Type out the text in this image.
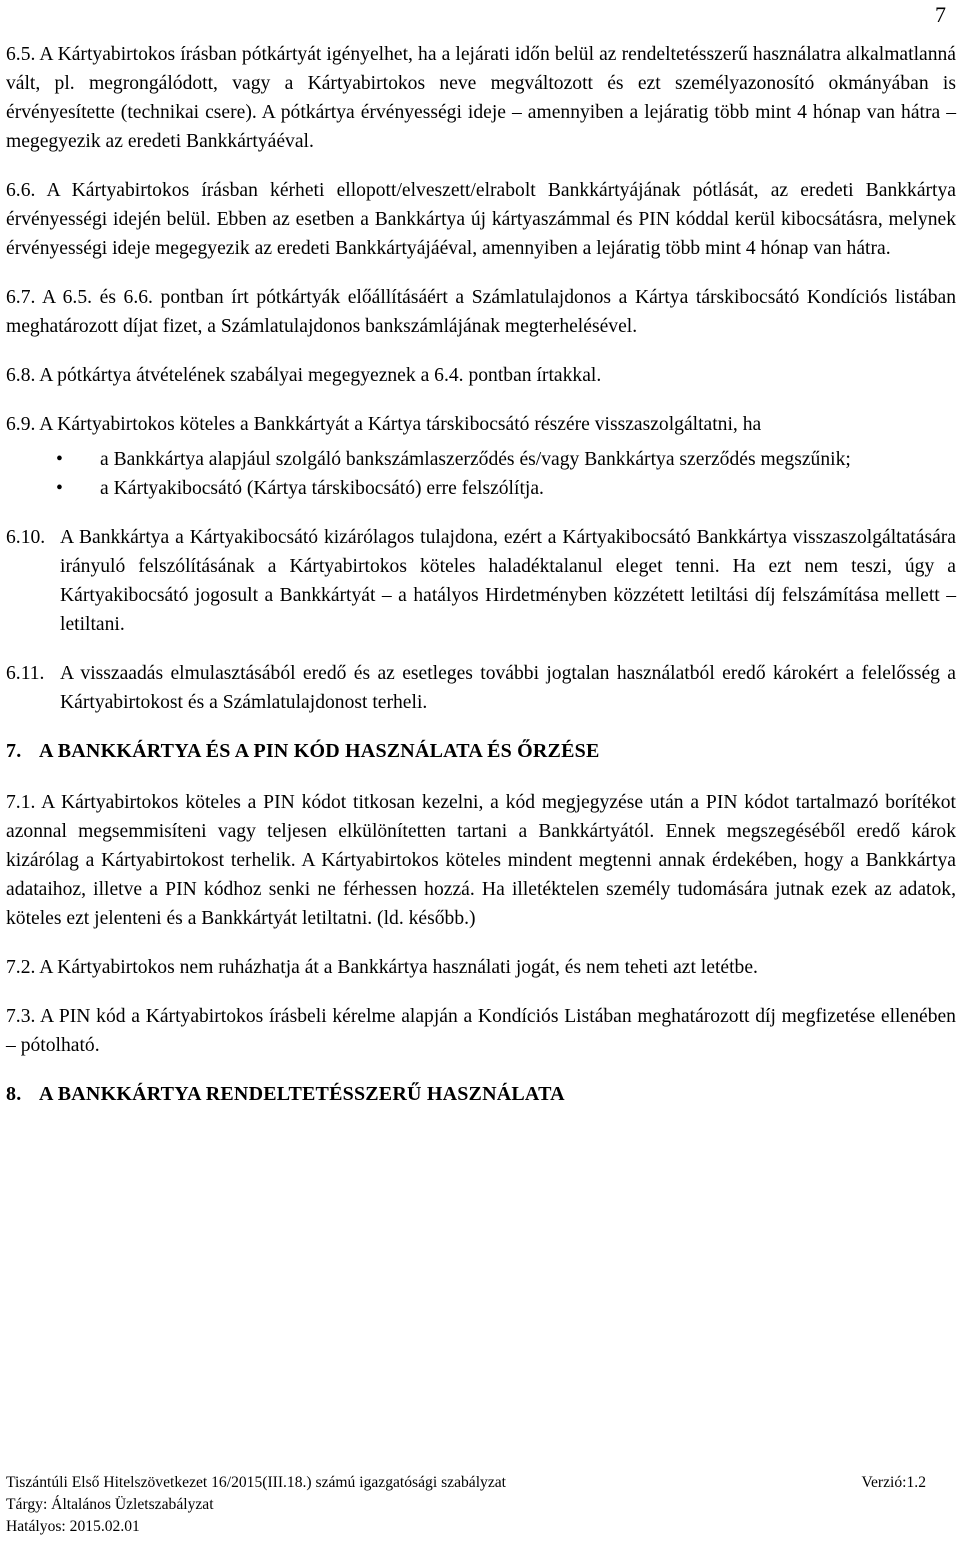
7

6.5. A Kártyabirtokos írásban pótkártyát igényelhet, ha a lejárati időn belül az rendeltetésszerű használatra alkalmatlanná vált, pl. megrongálódott, vagy a Kártyabirtokos neve megváltozott és ezt személyazonosító okmányában is érvényesítette (technikai csere). A pótkártya érvényességi ideje – amennyiben a lejáratig több mint 4 hónap van hátra – megegyezik az eredeti Bankkártyáéval.

6.6. A Kártyabirtokos írásban kérheti ellopott/elveszett/elrabolt Bankkártyájának pótlását, az eredeti Bankkártya érvényességi idején belül. Ebben az esetben a Bankkártya új kártyaszámmal és PIN kóddal kerül kibocsátásra, melynek érvényességi ideje megegyezik az eredeti Bankkártyájáéval, amennyiben a lejáratig több mint 4 hónap van hátra.

6.7. A 6.5. és 6.6. pontban írt pótkártyák előállításáért a Számlatulajdonos a Kártya társkibocsátó Kondíciós listában meghatározott díjat fizet, a Számlatulajdonos bankszámlájának megterhelésével.

6.8. A pótkártya átvételének szabályai megegyeznek a 6.4. pontban írtakkal.

6.9. A Kártyabirtokos köteles a Bankkártyát a Kártya társkibocsátó részére visszaszolgáltatni, ha

• a Bankkártya alapjául szolgáló bankszámlaszerződés és/vagy Bankkártya szerződés megszűnik;
• a Kártyakibocsátó (Kártya társkibocsátó) erre felszólítja.

6.10. A Bankkártya a Kártyakibocsátó kizárólagos tulajdona, ezért a Kártyakibocsátó Bankkártya visszaszolgáltatására irányuló felszólításának a Kártyabirtokos köteles haladéktalanul eleget tenni. Ha ezt nem teszi, úgy a Kártyakibocsátó jogosult a Bankkártyát – a hatályos Hirdetményben közzétett letiltási díj felszámítása mellett – letiltani.

6.11. A visszaadás elmulasztásából eredő és az esetleges további jogtalan használatból eredő károkért a felelősség a Kártyabirtokost és a Számlatulajdonost terheli.

7. A BANKKÁRTYA ÉS A PIN KÓD HASZNÁLATA ÉS ŐRZÉSE

7.1. A Kártyabirtokos köteles a PIN kódot titkosan kezelni, a kód megjegyzése után a PIN kódot tartalmazó borítékot azonnal megsemmisíteni vagy teljesen elkülönítetten tartani a Bankkártyától. Ennek megszegéséből eredő károk kizárólag a Kártyabirtokost terhelik. A Kártyabirtokos köteles mindent megtenni annak érdekében, hogy a Bankkártya adataihoz, illetve a PIN kódhoz senki ne férhessen hozzá. Ha illetéktelen személy tudomására jutnak ezek az adatok, köteles ezt jelenteni és a Bankkártyát letiltatni. (ld. később.)

7.2. A Kártyabirtokos nem ruházhatja át a Bankkártya használati jogát, és nem teheti azt letétbe.

7.3. A PIN kód a Kártyabirtokos írásbeli kérelme alapján a Kondíciós Listában meghatározott díj megfizetése ellenében – pótolható.

8. A BANKKÁRTYA RENDELTETÉSSZERŰ HASZNÁLATA
Tiszántúli Első Hitelszövetkezet 16/2015(III.18.) számú igazgatósági szabályzat	Verzió:1.2
Tárgy: Általános Üzletszabályzat
Hatályos: 2015.02.01
